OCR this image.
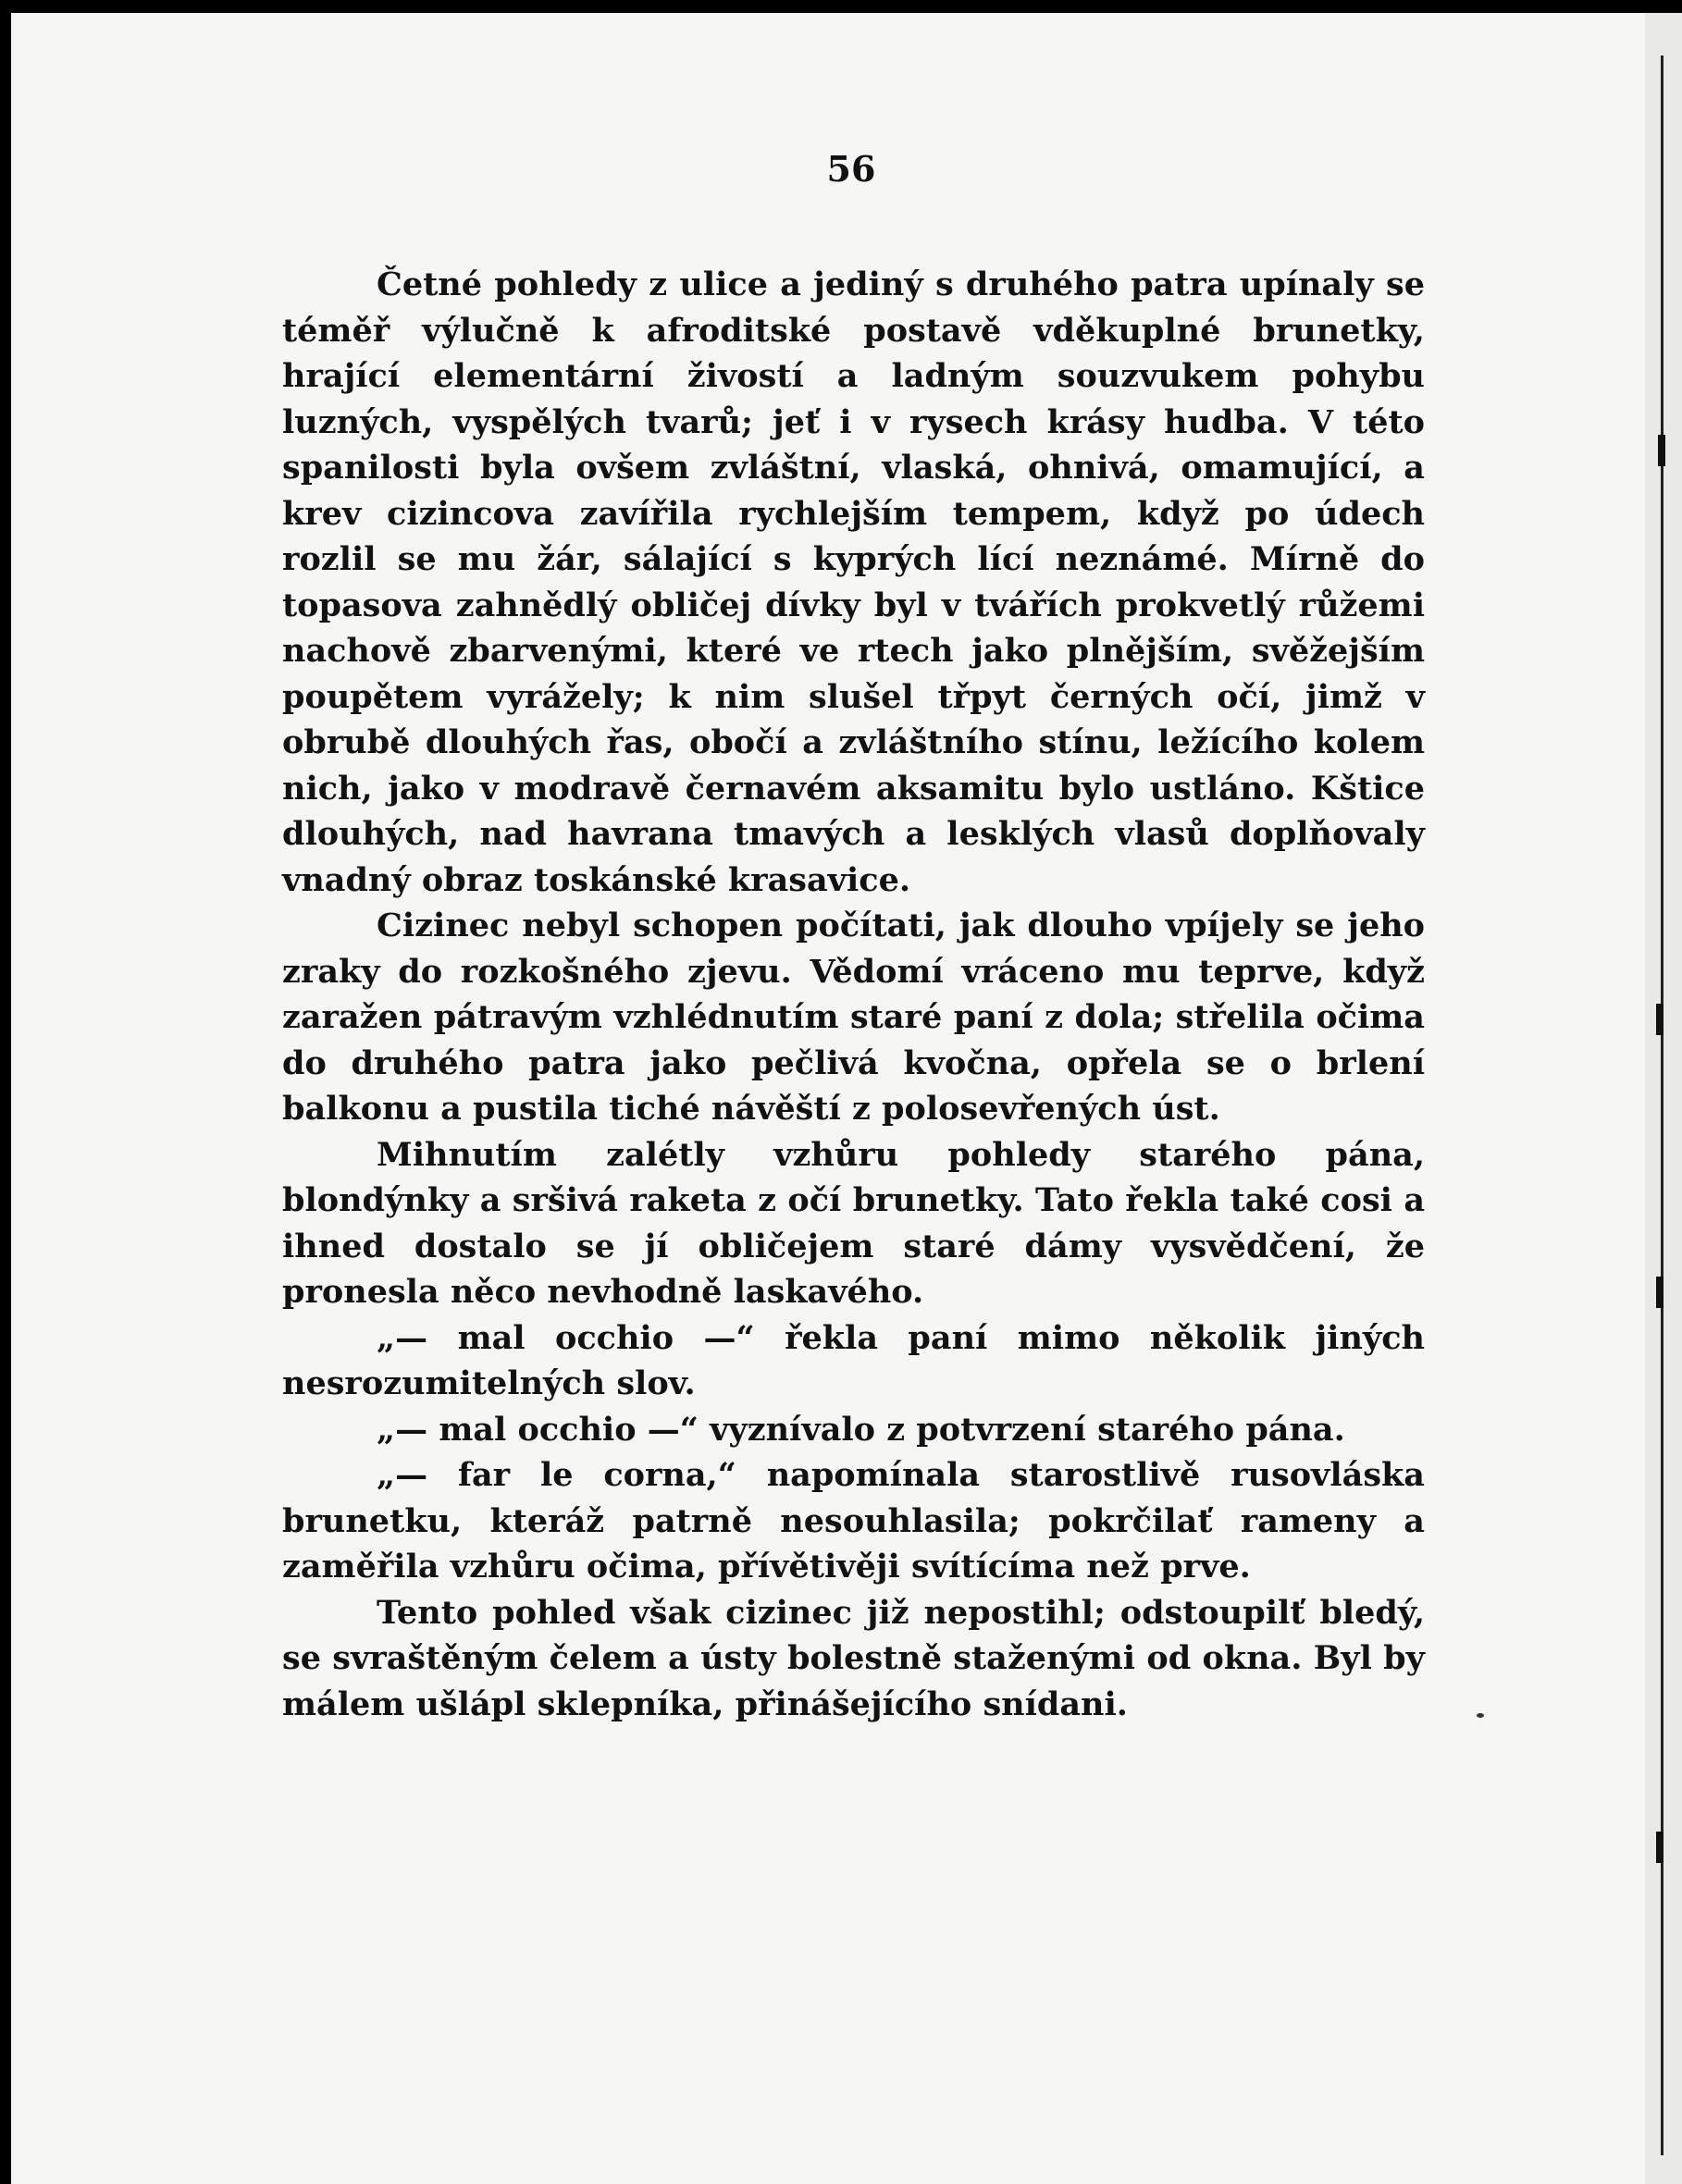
56

Četné pohledy z ulice a jediný s druhého patra upínaly se téměř výlučně k afroditské postavě vděkuplné brunetky, hrající elementární živostí a ladným souzvukem pohybu luzných, vyspělých tvarů; jeť i v rysech krásy hudba. V této spanilosti byla ovšem zvláštní, vlaská, ohnivá, omamující, a krev cizincova zavířila rychlejším tempem, když po údech rozlil se mu žár, sálající s kyprých lící neznámé. Mírně do topasova zahnědlý obličej dívky byl v tvářích prokvetlý růžemi nachově zbarvenými, které ve rtech jako plnějším, svěžejším poupětem vyrážely; k nim slušel třpyt černých očí, jimž v obrubě dlouhých řas, obočí a zvláštního stínu, ležícího kolem nich, jako v modravě černavém aksamitu bylo ustláno. Kštice dlouhých, nad havrana tmavých a lesklých vlasů doplňovaly vnadný obraz toskánské krasavice.

Cizinec nebyl schopen počítati, jak dlouho vpíjely se jeho zraky do rozkošného zjevu. Vědomí vráceno mu teprve, když zaražen pátravým vzhlédnutím staré paní z dola; střelila očima do druhého patra jako pečlivá kvočna, opřela se o brlení balkonu a pustila tiché návěští z polosevřených úst.

Mihnutím zalétly vzhůru pohledy starého pána, blondýnky a sršivá raketa z očí brunetky. Tato řekla také cosi a ihned dostalo se jí obličejem staré dámy vysvědčení, že pronesla něco nevhodně laskavého.

„— mal occhio —“ řekla paní mimo několik jiných nesrozumitelných slov.

„— mal occhio —“ vyznívalo z potvrzení starého pána.

„— far le corna,“ napomínala starostlivě rusovláska brunetku, kteráž patrně nesouhlasila; pokrčilať rameny a zaměřila vzhůru očima, přívětivěji svítícíma než prve.

Tento pohled však cizinec již nepostihl; odstoupilť bledý, se svraštěným čelem a ústy bolestně staženými od okna. Byl by málem ušlápl sklepníka, přinášejícího snídani.
